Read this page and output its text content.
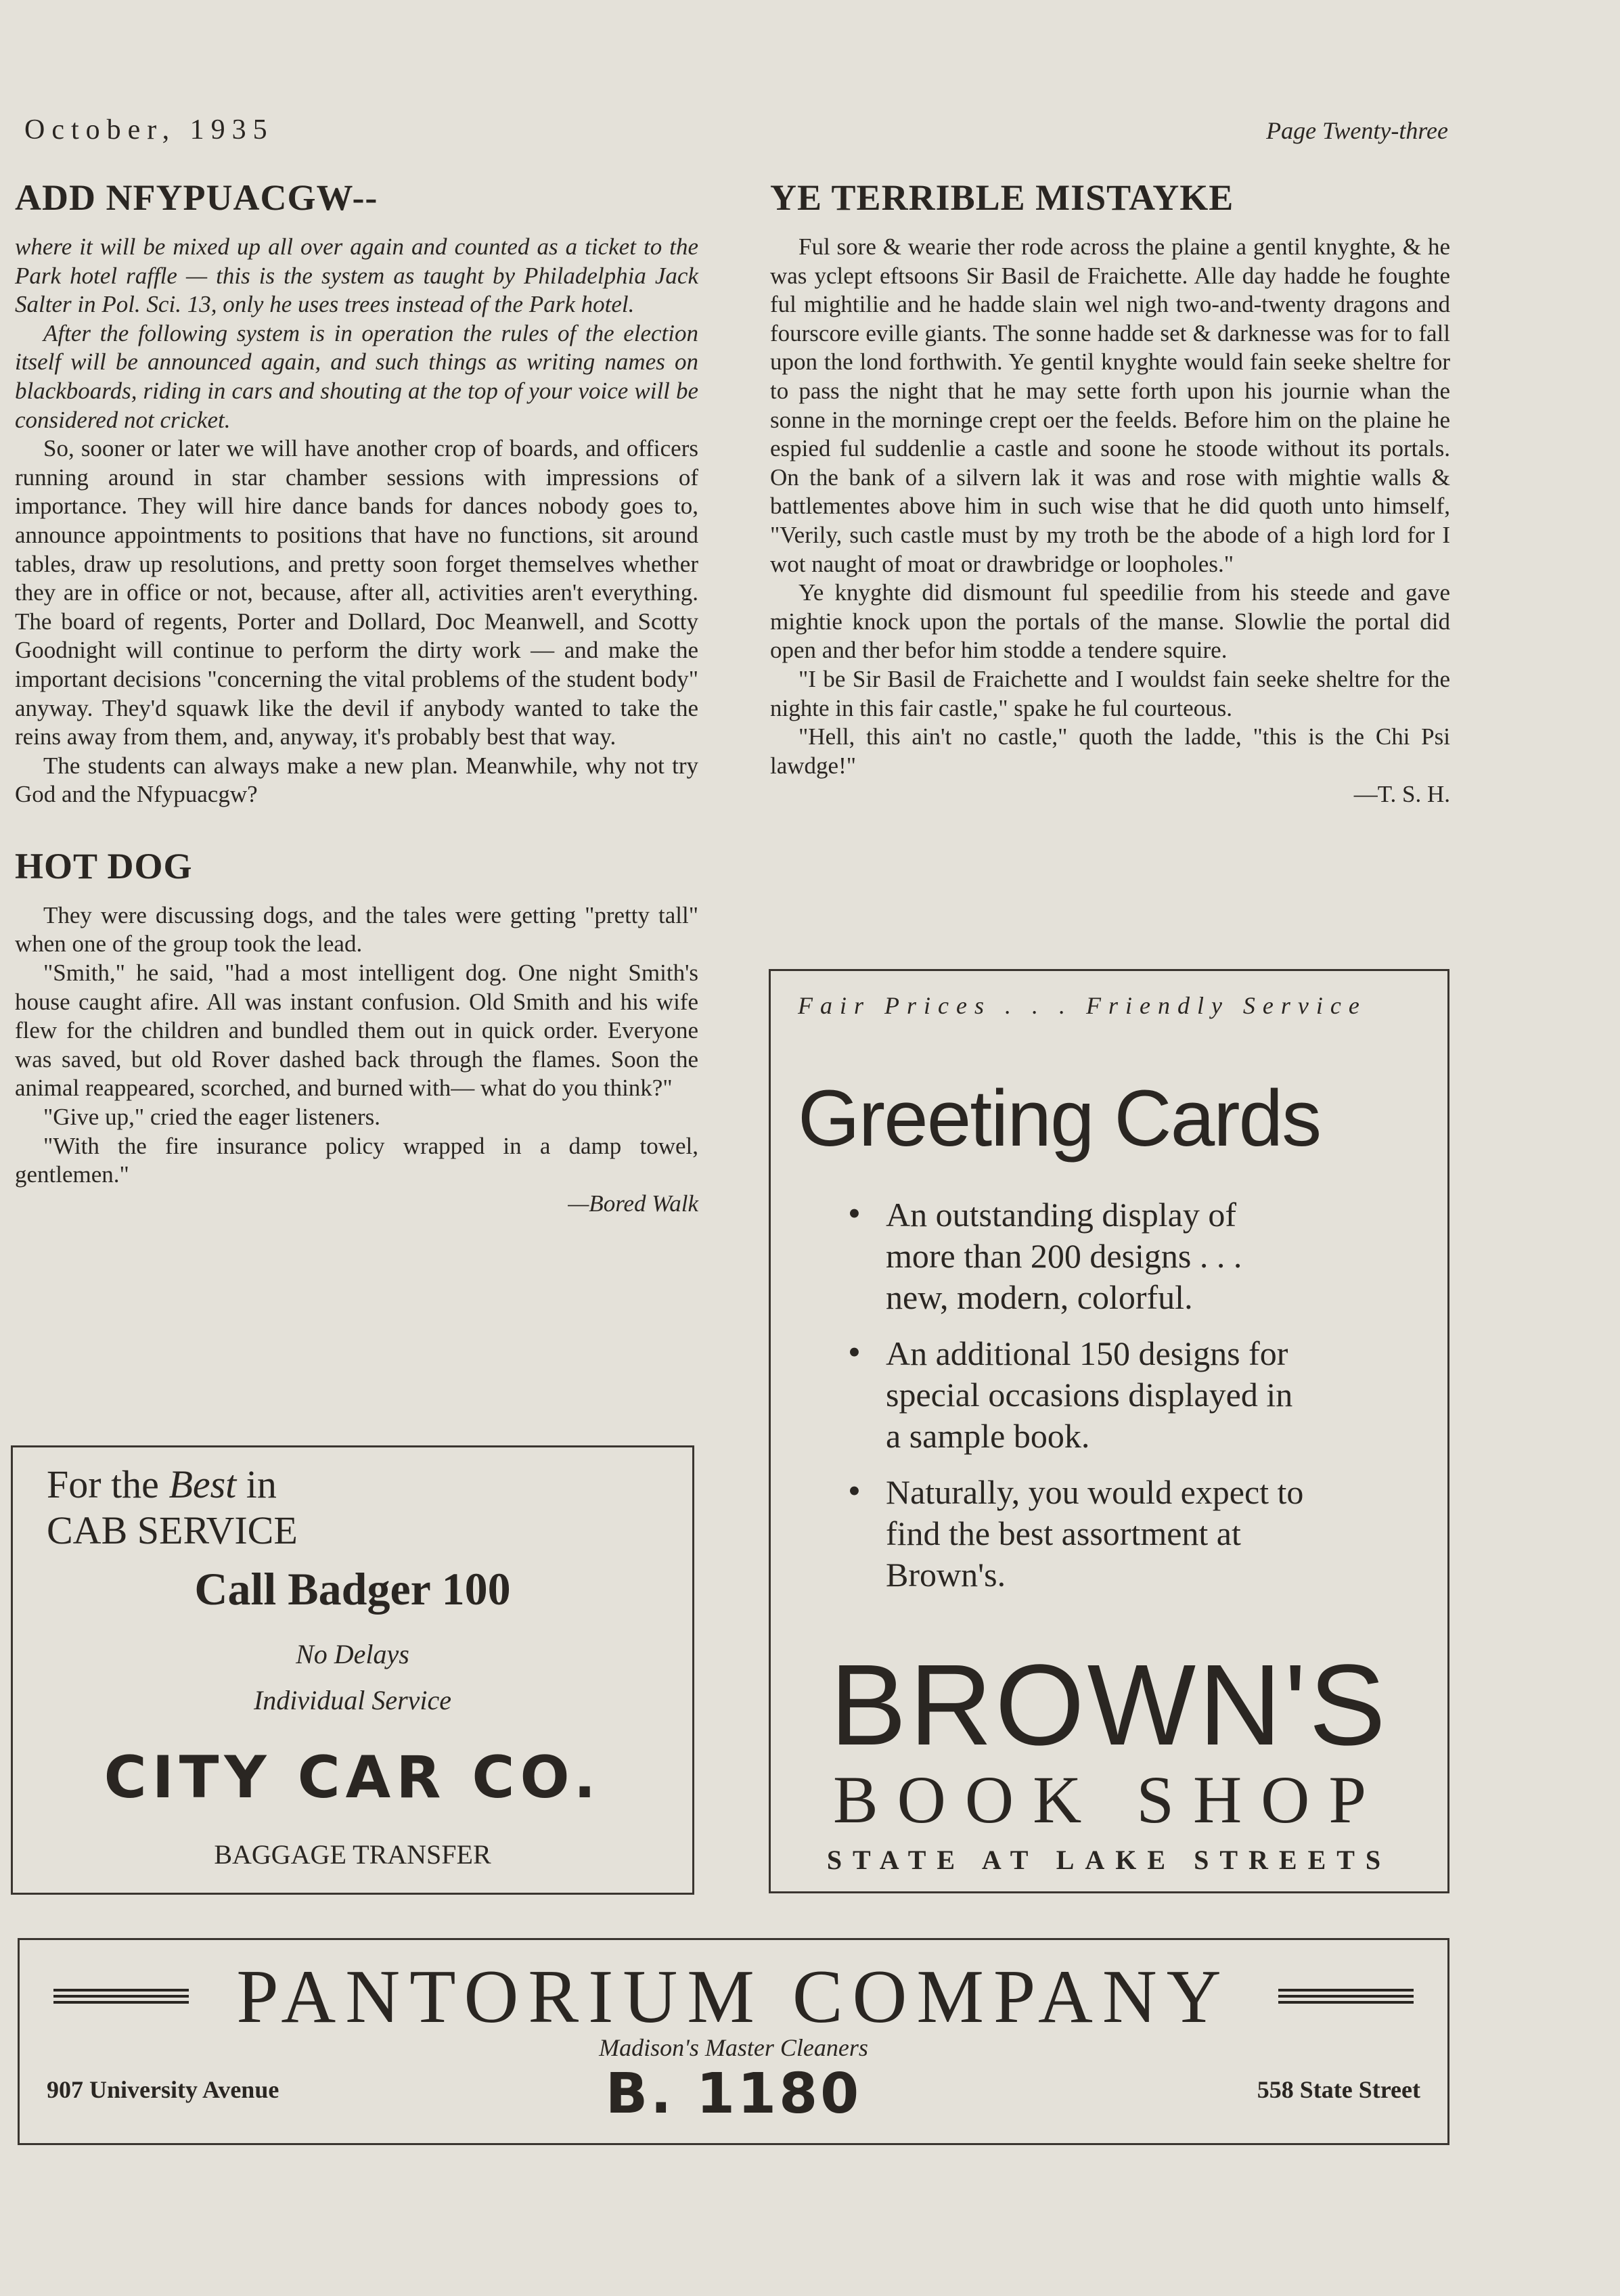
October, 1935	Page Twenty-three
ADD NFYPUACGW--

where it will be mixed up all over again and counted as a ticket to the Park hotel raffle — this is the system as taught by Philadelphia Jack Salter in Pol. Sci. 13, only he uses trees instead of the Park hotel.

After the following system is in operation the rules of the election itself will be announced again, and such things as writing names on blackboards, riding in cars and shouting at the top of your voice will be considered not cricket.

So, sooner or later we will have another crop of boards, and officers running around in star chamber sessions with impressions of importance. They will hire dance bands for dances nobody goes to, announce appointments to positions that have no functions, sit around tables, draw up resolutions, and pretty soon forget themselves whether they are in office or not, because, after all, activities aren't everything. The board of regents, Porter and Dollard, Doc Meanwell, and Scotty Goodnight will continue to perform the dirty work — and make the important decisions "concerning the vital problems of the student body" anyway. They'd squawk like the devil if anybody wanted to take the reins away from them, and, anyway, it's probably best that way.

The students can always make a new plan. Meanwhile, why not try God and the Nfypuacgw?

HOT DOG

They were discussing dogs, and the tales were getting "pretty tall" when one of the group took the lead.

"Smith," he said, "had a most intelligent dog. One night Smith's house caught afire. All was instant confusion. Old Smith and his wife flew for the children and bundled them out in quick order. Everyone was saved, but old Rover dashed back through the flames. Soon the animal reappeared, scorched, and burned with— what do you think?"

"Give up," cried the eager listeners.

"With the fire insurance policy wrapped in a damp towel, gentlemen."

—Bored Walk
YE TERRIBLE MISTAYKE

Ful sore & wearie ther rode across the plaine a gentil knyghte, & he was yclept eftsoons Sir Basil de Fraichette. Alle day hadde he foughte ful mightilie and he hadde slain wel nigh two-and-twenty dragons and fourscore eville giants. The sonne hadde set & darknesse was for to fall upon the lond forthwith. Ye gentil knyghte would fain seeke sheltre for to pass the night that he may sette forth upon his journie whan the sonne in the morninge crept oer the feelds. Before him on the plaine he espied ful suddenlie a castle and soone he stoode without its portals. On the bank of a silvern lak it was and rose with mightie walls & battlementes above him in such wise that he did quoth unto himself, "Verily, such castle must by my troth be the abode of a high lord for I wot naught of moat or drawbridge or loopholes."

Ye knyghte did dismount ful speedilie from his steede and gave mightie knock upon the portals of the manse. Slowlie the portal did open and ther befor him stodde a tendere squire.

"I be Sir Basil de Fraichette and I wouldst fain seeke sheltre for the nighte in this fair castle," spake he ful courteous.

"Hell, this ain't no castle," quoth the ladde, "this is the Chi Psi lawdge!"

—T. S. H.
For the Best in
CAB SERVICE
Call Badger 100
No Delays
Individual Service
CITY CAR CO.
BAGGAGE TRANSFER
Fair Prices . . . Friendly Service
Greeting Cards
• An outstanding display of more than 200 designs . . . new, modern, colorful.
• An additional 150 designs for special occasions displayed in a sample book.
• Naturally, you would expect to find the best assortment at Brown's.
BROWN'S
BOOK SHOP
STATE AT LAKE STREETS
PANTORIUM COMPANY
Madison's Master Cleaners
907 University Avenue	B. 1180	558 State Street
